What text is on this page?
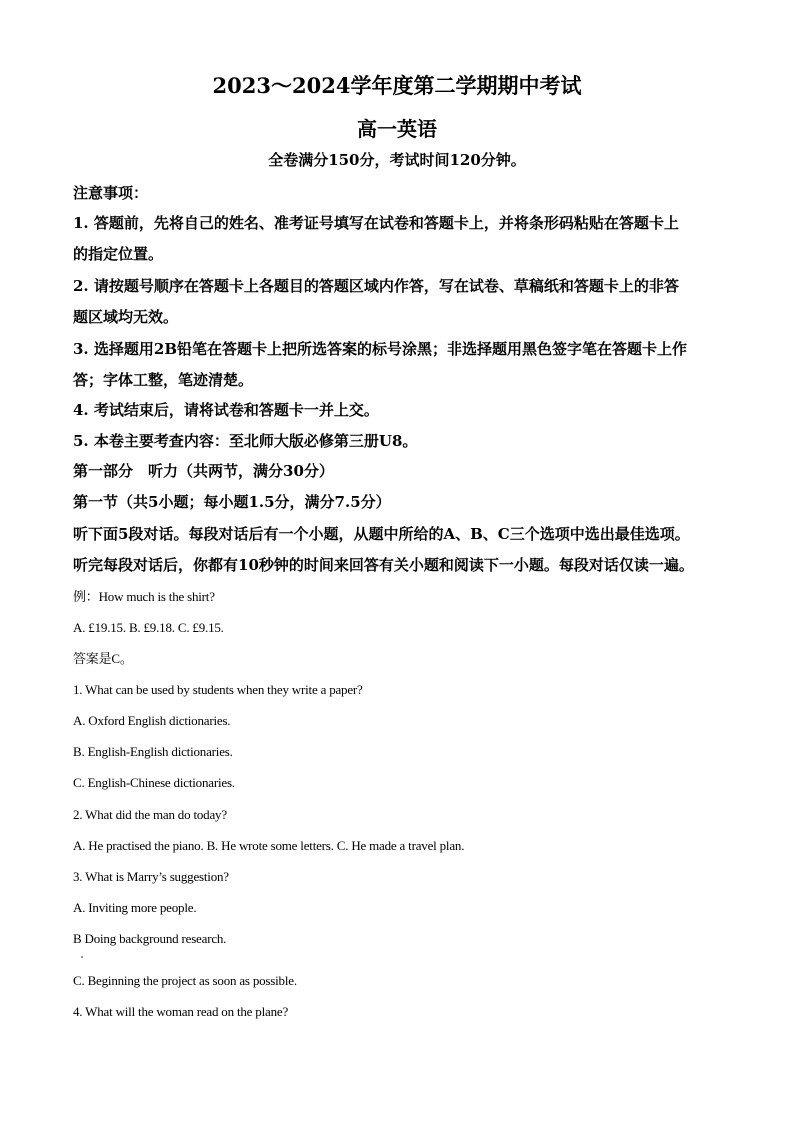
2023～2024学年度第二学期期中考试
高一英语
全卷满分150分，考试时间120分钟。
注意事项：
1. 答题前，先将自己的姓名、准考证号填写在试卷和答题卡上，并将条形码粘贴在答题卡上
的指定位置。
2. 请按题号顺序在答题卡上各题目的答题区域内作答，写在试卷、草稿纸和答题卡上的非答
题区域均无效。
3. 选择题用2B铅笔在答题卡上把所选答案的标号涂黑；非选择题用黑色签字笔在答题卡上作
答；字体工整，笔迹清楚。
4. 考试结束后，请将试卷和答题卡一并上交。
5. 本卷主要考查内容：至北师大版必修第三册U8。
第一部分　听力（共两节，满分30分）
第一节（共5小题；每小题1.5分，满分7.5分）
听下面5段对话。每段对话后有一个小题，从题中所给的A、B、C三个选项中选出最佳选项。
听完每段对话后，你都有10秒钟的时间来回答有关小题和阅读下一小题。每段对话仅读一遍。
例：How much is the shirt?
A. £19.15. B. £9.18. C. £9.15.
答案是C。
1. What can be used by students when they write a paper?
A. Oxford English dictionaries.
B. English-English dictionaries.
C. English-Chinese dictionaries.
2. What did the man do today?
A. He practised the piano. B. He wrote some letters. C. He made a travel plan.
3. What is Marry’s suggestion?
A. Inviting more people.
B Doing background research.
C. Beginning the project as soon as possible.
4. What will the woman read on the plane?
